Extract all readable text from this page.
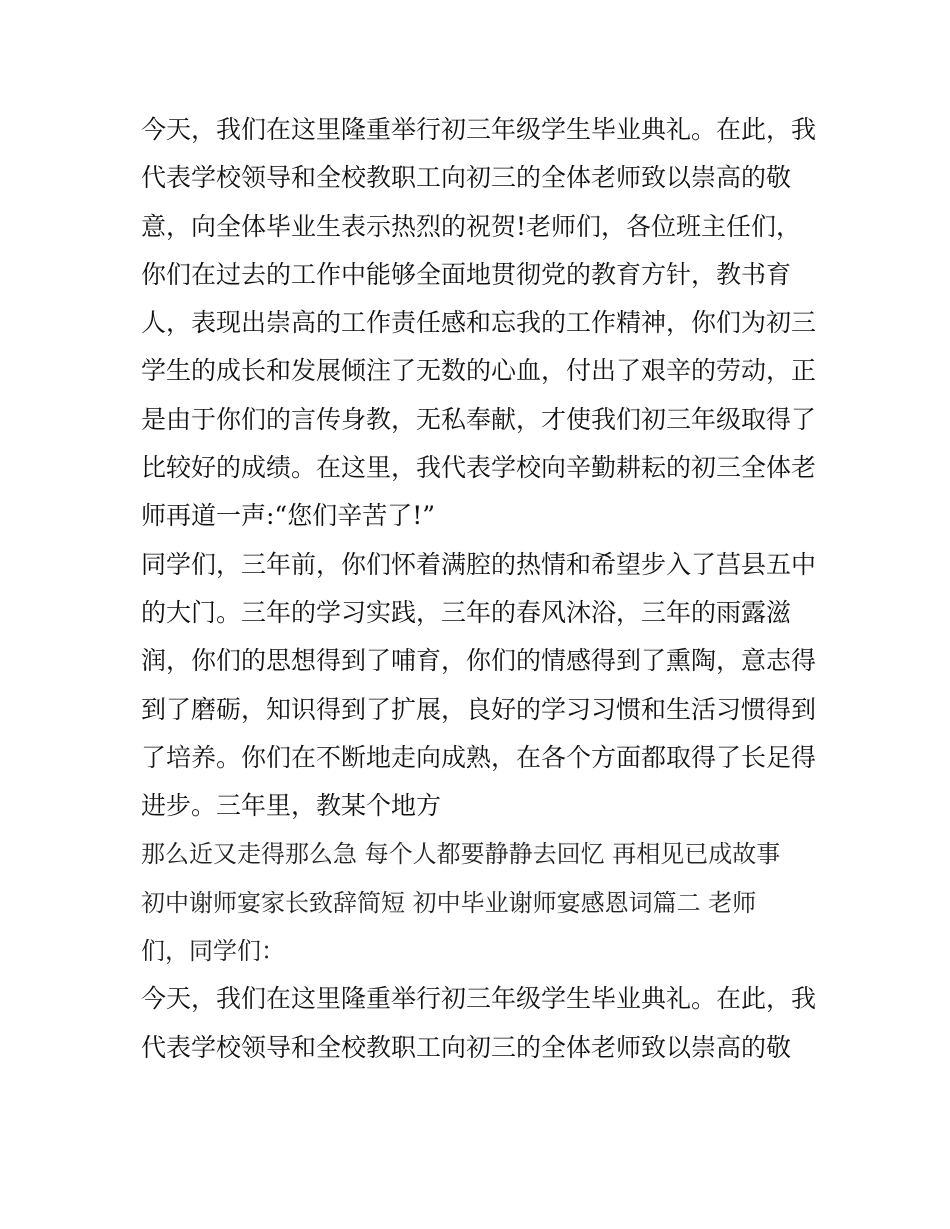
今天，我们在这里隆重举行初三年级学生毕业典礼。在此，我
代表学校领导和全校教职工向初三的全体老师致以崇高的敬
意，向全体毕业生表示热烈的祝贺!老师们，各位班主任们，
你们在过去的工作中能够全面地贯彻党的教育方针，教书育
人，表现出崇高的工作责任感和忘我的工作精神，你们为初三
学生的成长和发展倾注了无数的心血，付出了艰辛的劳动，正
是由于你们的言传身教，无私奉献，才使我们初三年级取得了
比较好的成绩。在这里，我代表学校向辛勤耕耘的初三全体老
师再道一声:“您们辛苦了!”
同学们，三年前，你们怀着满腔的热情和希望步入了莒县五中
的大门。三年的学习实践，三年的春风沐浴，三年的雨露滋
润，你们的思想得到了哺育，你们的情感得到了熏陶，意志得
到了磨砺，知识得到了扩展，良好的学习习惯和生活习惯得到
了培养。你们在不断地走向成熟，在各个方面都取得了长足得
进步。三年里，教某个地方
那么近又走得那么急 每个人都要静静去回忆 再相见已成故事
初中谢师宴家长致辞简短 初中毕业谢师宴感恩词篇二 老师
们，同学们：
今天，我们在这里隆重举行初三年级学生毕业典礼。在此，我
代表学校领导和全校教职工向初三的全体老师致以崇高的敬
